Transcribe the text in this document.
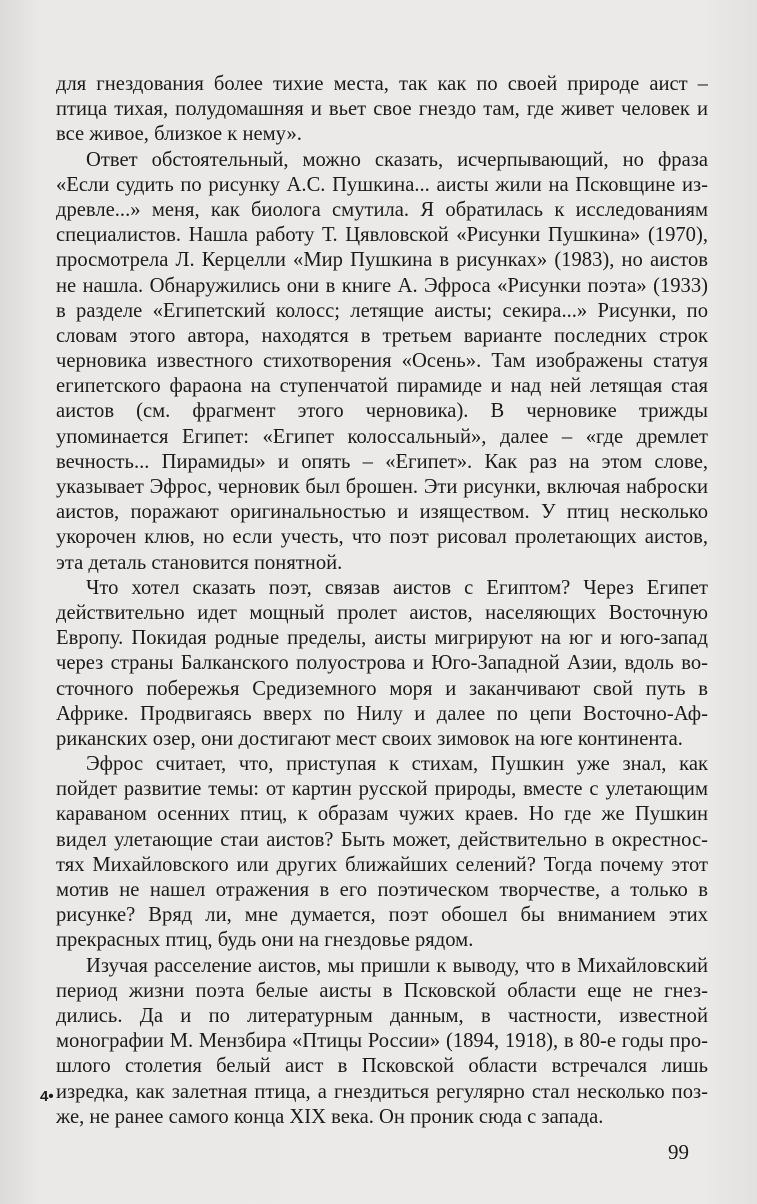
для гнездования более тихие места, так как по своей природе аист –
птица тихая, полудомашняя и вьет свое гнездо там, где живет человек и
все живое, близкое к нему».
Ответ обстоятельный, можно сказать, исчерпывающий, но фраза
«Если судить по рисунку А.С. Пушкина... аисты жили на Псковщине из-
древле...» меня, как биолога смутила. Я обратилась к исследованиям
специалистов. Нашла работу Т. Цявловской «Рисунки Пушкина» (1970),
просмотрела Л. Керцелли «Мир Пушкина в рисунках» (1983), но аистов
не нашла. Обнаружились они в книге А. Эфроса «Рисунки поэта» (1933)
в разделе «Египетский колосс; летящие аисты; секира...» Рисунки, по
словам этого автора, находятся в третьем варианте последних строк
черновика известного стихотворения «Осень». Там изображены статуя
египетского фараона на ступенчатой пирамиде и над ней летящая стая
аистов (см. фрагмент этого черновика). В черновике трижды
упоминается Египет: «Египет колоссальный», далее – «где дремлет
вечность... Пирамиды» и опять – «Египет». Как раз на этом слове,
указывает Эфрос, черновик был брошен. Эти рисунки, включая наброски
аистов, поражают оригинальностью и изяществом. У птиц несколько
укорочен клюв, но если учесть, что поэт рисовал пролетающих аистов,
эта деталь становится понятной.
Что хотел сказать поэт, связав аистов с Египтом? Через Египет
действительно идет мощный пролет аистов, населяющих Восточную
Европу. Покидая родные пределы, аисты мигрируют на юг и юго-запад
через страны Балканского полуострова и Юго-Западной Азии, вдоль во-
сточного побережья Средиземного моря и заканчивают свой путь в
Африке. Продвигаясь вверх по Нилу и далее по цепи Восточно-Аф-
риканских озер, они достигают мест своих зимовок на юге континента.
Эфрос считает, что, приступая к стихам, Пушкин уже знал, как
пойдет развитие темы: от картин русской природы, вместе с улетающим
караваном осенних птиц, к образам чужих краев. Но где же Пушкин
видел улетающие стаи аистов? Быть может, действительно в окрестнос-
тях Михайловского или других ближайших селений? Тогда почему этот
мотив не нашел отражения в его поэтическом творчестве, а только в
рисунке? Вряд ли, мне думается, поэт обошел бы вниманием этих
прекрасных птиц, будь они на гнездовье рядом.
Изучая расселение аистов, мы пришли к выводу, что в Михайловский
период жизни поэта белые аисты в Псковской области еще не гнез-
дились. Да и по литературным данным, в частности, известной
монографии М. Мензбира «Птицы России» (1894, 1918), в 80-е годы про-
шлого столетия белый аист в Псковской области встречался лишь
изредка, как залетная птица, а гнездиться регулярно стал несколько поз-
же, не ранее самого конца XIX века. Он проник сюда с запада.
4•
99
